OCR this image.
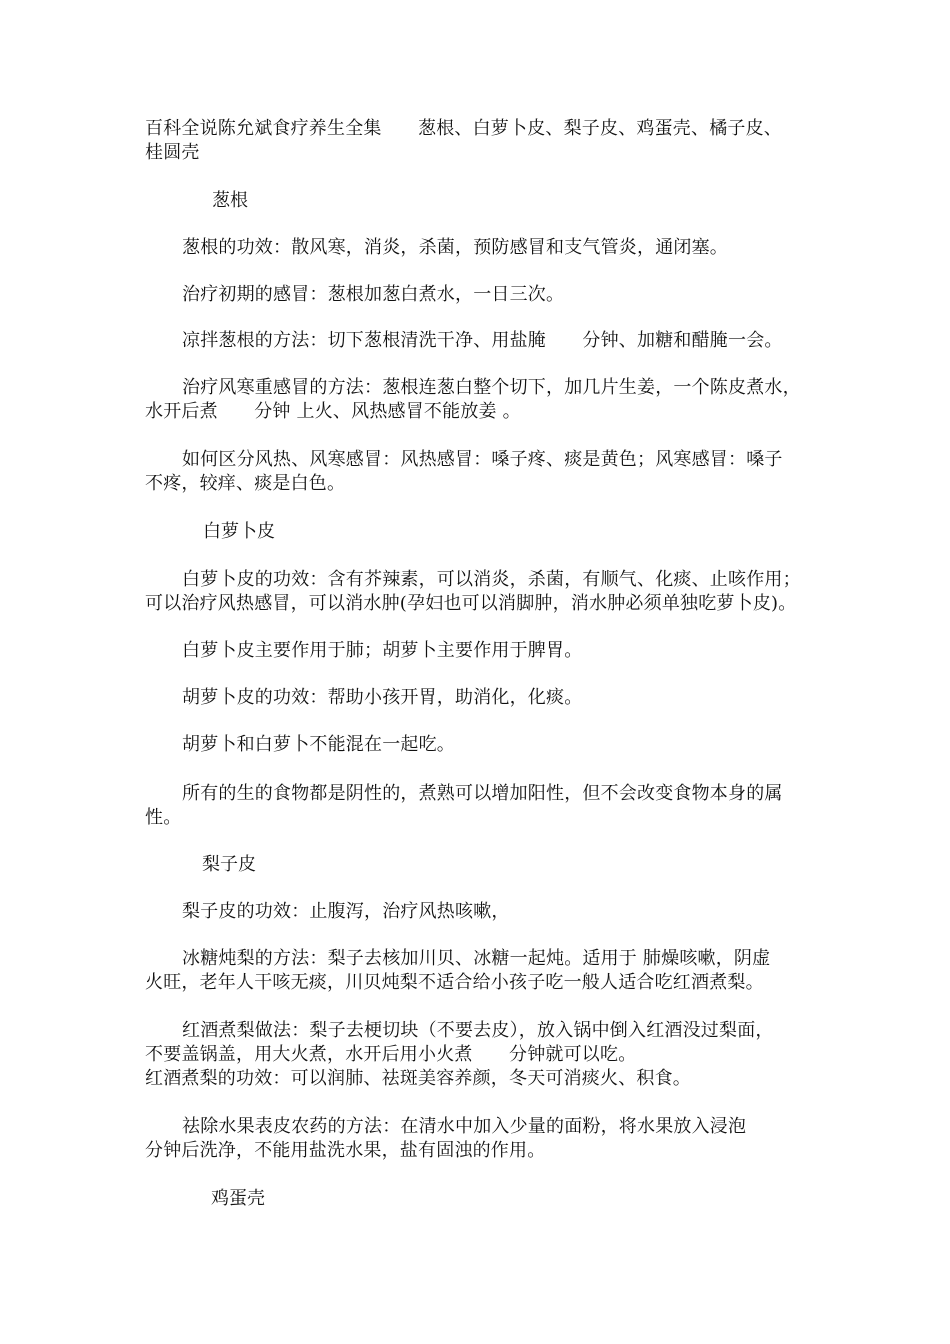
百科全说陈允斌食疗养生全集　　葱根、白萝卜皮、梨子皮、鸡蛋壳、橘子皮、
桂圆壳
葱根
葱根的功效：散风寒，消炎，杀菌，预防感冒和支气管炎，通闭塞。
治疗初期的感冒：葱根加葱白煮水，一日三次。
凉拌葱根的方法：切下葱根清洗干净、用盐腌　　分钟、加糖和醋腌一会。
治疗风寒重感冒的方法：葱根连葱白整个切下，加几片生姜，一个陈皮煮水，
水开后煮　　分钟 上火、风热感冒不能放姜 。
如何区分风热、风寒感冒：风热感冒：嗓子疼、痰是黄色；风寒感冒：嗓子
不疼，较痒、痰是白色。
白萝卜皮
白萝卜皮的功效：含有芥辣素，可以消炎，杀菌，有顺气、化痰、止咳作用；
可以治疗风热感冒，可以消水肿(孕妇也可以消脚肿，消水肿必须单独吃萝卜皮)。
白萝卜皮主要作用于肺；胡萝卜主要作用于脾胃。
胡萝卜皮的功效：帮助小孩开胃，助消化，化痰。
胡萝卜和白萝卜不能混在一起吃。
所有的生的食物都是阴性的，煮熟可以增加阳性，但不会改变食物本身的属
性。
梨子皮
梨子皮的功效：止腹泻，治疗风热咳嗽，
冰糖炖梨的方法：梨子去核加川贝、冰糖一起炖。适用于 肺燥咳嗽，阴虚
火旺，老年人干咳无痰，川贝炖梨不适合给小孩子吃一般人适合吃红酒煮梨。
红酒煮梨做法：梨子去梗切块（不要去皮），放入锅中倒入红酒没过梨面，
不要盖锅盖，用大火煮，水开后用小火煮　　分钟就可以吃。
红酒煮梨的功效：可以润肺、祛斑美容养颜，冬天可消痰火、积食。
祛除水果表皮农药的方法：在清水中加入少量的面粉，将水果放入浸泡
分钟后洗净，不能用盐洗水果，盐有固浊的作用。
鸡蛋壳
